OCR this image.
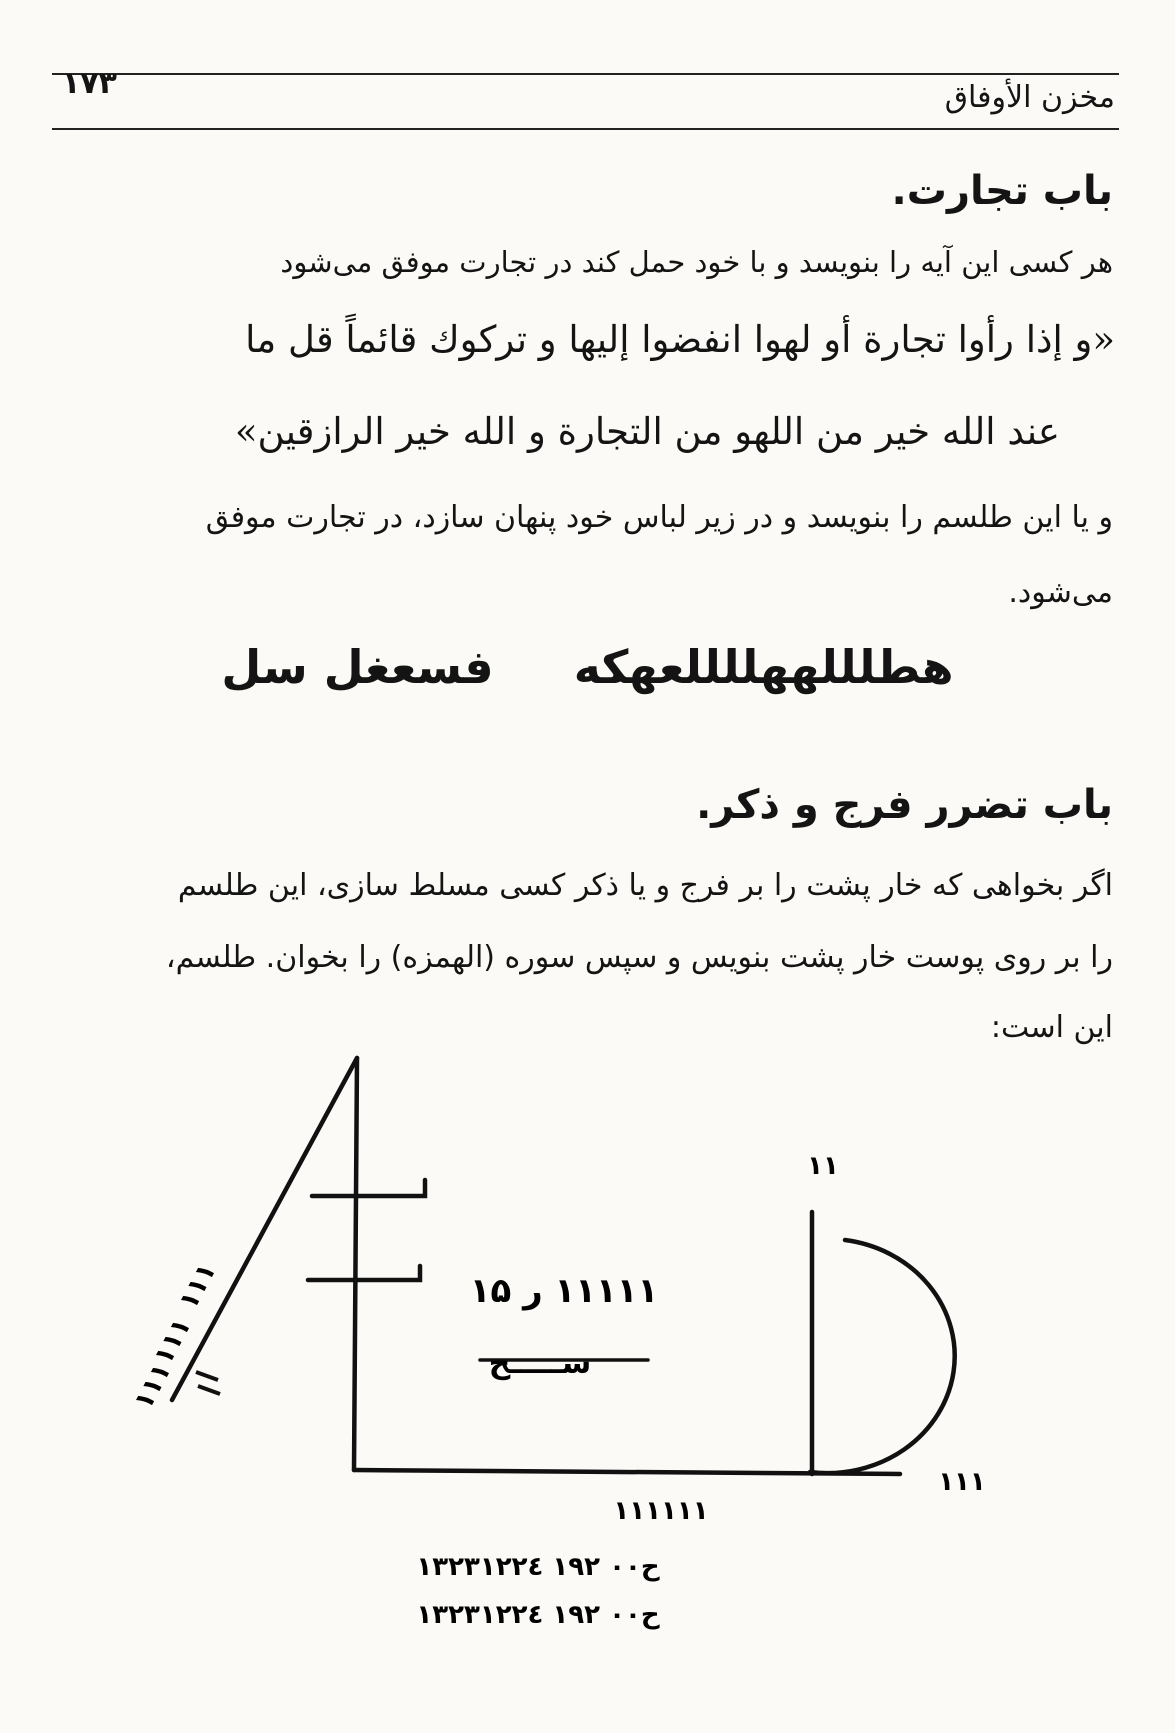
۱۷۳	مخزن الأوفاق
باب تجارت.
هر کسی این آیه را بنویسد و با خود حمل کند در تجارت موفق می‌شود
«و إذا رأوا تجارة أو لهوا انفضوا إليها و تركوك قائماً قل ما
عند الله خير من اللهو من التجارة و الله خير الرازقين»
و یا این طلسم را بنویسد و در زیر لباس خود پنهان سازد، در تجارت موفق
می‌شود.
هطلللهھللللعهكه     فسعغل سل
باب تضرر فرج و ذکر.
اگر بخواهی که خار پشت را بر فرج و یا ذکر کسی مسلط سازی، این طلسم
را بر روی پوست خار پشت بنویس و سپس سوره (الهمزه) را بخوان. طلسم،
این است:
۱۱۱۱۱ ر ۱۵
ســـــح
۱۱۱
۱۱۱
۱۱۱
۱۱
۱۱۱
۱۱۱۱۱۱
ح۰۰ ۱۹۲ ۱۳۲۳۱۲۲٤
ح۰۰ ۱۹۲ ۱۳۲۳۱۲۲٤
